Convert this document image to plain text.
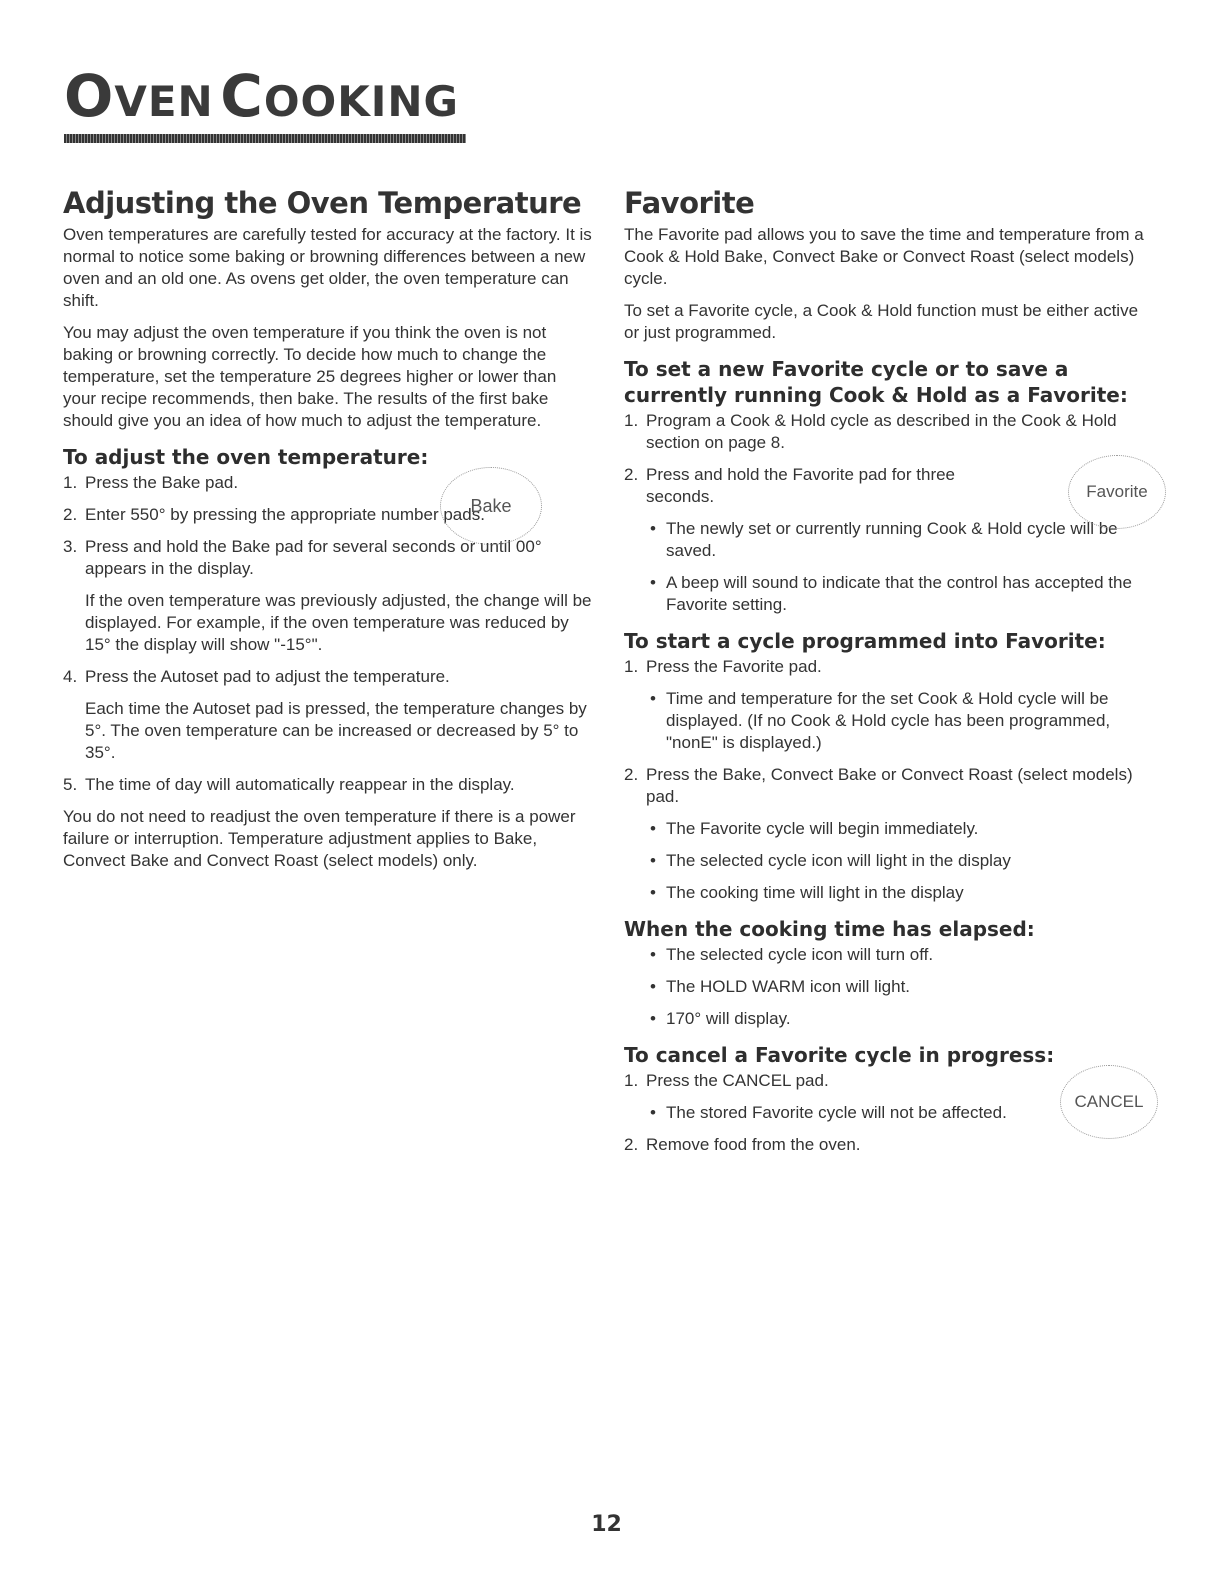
OVEN COOKING
Adjusting the Oven Temperature

Oven temperatures are carefully tested for accuracy at the factory. It is normal to notice some baking or browning differences between a new oven and an old one. As ovens get older, the oven temperature can shift.

You may adjust the oven temperature if you think the oven is not baking or browning correctly. To decide how much to change the temperature, set the temperature 25 degrees higher or lower than your recipe recommends, then bake. The results of the first bake should give you an idea of how much to adjust the temperature.

To adjust the oven temperature:
1. Press the Bake pad.
2. Enter 550° by pressing the appropriate number pads.
3. Press and hold the Bake pad for several seconds or until 00° appears in the display.
If the oven temperature was previously adjusted, the change will be displayed. For example, if the oven temperature was reduced by 15° the display will show "-15°".
4. Press the Autoset pad to adjust the temperature.
Each time the Autoset pad is pressed, the temperature changes by 5°. The oven temperature can be increased or decreased by 5° to 35°.
5. The time of day will automatically reappear in the display.

You do not need to readjust the oven temperature if there is a power failure or interruption. Temperature adjustment applies to Bake, Convect Bake and Convect Roast (select models) only.

Bake
Favorite

The Favorite pad allows you to save the time and temperature from a Cook & Hold Bake, Convect Bake or Convect Roast (select models) cycle.

To set a Favorite cycle, a Cook & Hold function must be either active or just programmed.

To set a new Favorite cycle or to save a currently running Cook & Hold as a Favorite:
1. Program a Cook & Hold cycle as described in the Cook & Hold section on page 8.
2. Press and hold the Favorite pad for three seconds.
• The newly set or currently running Cook & Hold cycle will be saved.
• A beep will sound to indicate that the control has accepted the Favorite setting.
To start a cycle programmed into Favorite:
1. Press the Favorite pad.
• Time and temperature for the set Cook & Hold cycle will be displayed. (If no Cook & Hold cycle has been programmed, "nonE" is displayed.)
2. Press the Bake, Convect Bake or Convect Roast (select models) pad.
• The Favorite cycle will begin immediately.
• The selected cycle icon will light in the display
• The cooking time will light in the display
When the cooking time has elapsed:
• The selected cycle icon will turn off.
• The HOLD WARM icon will light.
• 170° will display.
To cancel a Favorite cycle in progress:
1. Press the CANCEL pad.
• The stored Favorite cycle will not be affected.
2. Remove food from the oven.
Favorite
CANCEL
12
